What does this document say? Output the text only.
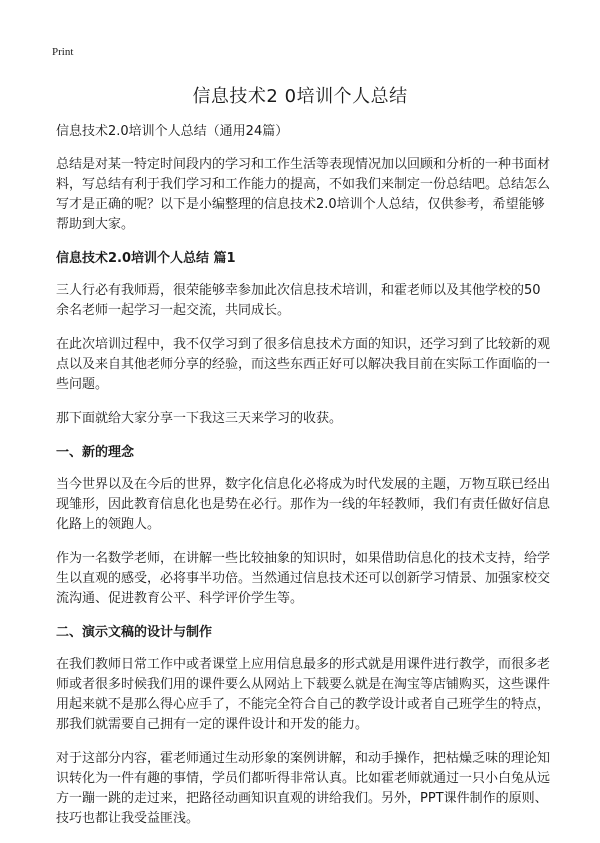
Print
信息技术2 0培训个人总结

信息技术2.0培训个人总结（通用24篇）

总结是对某一特定时间段内的学习和工作生活等表现情况加以回顾和分析的一种书面材料，写总结有利于我们学习和工作能力的提高，不如我们来制定一份总结吧。总结怎么写才是正确的呢？以下是小编整理的信息技术2.0培训个人总结，仅供参考，希望能够帮助到大家。

信息技术2.0培训个人总结 篇1

三人行必有我师焉，很荣能够幸参加此次信息技术培训，和霍老师以及其他学校的50余名老师一起学习一起交流，共同成长。

在此次培训过程中，我不仅学习到了很多信息技术方面的知识，还学习到了比较新的观点以及来自其他老师分享的经验，而这些东西正好可以解决我目前在实际工作面临的一些问题。

那下面就给大家分享一下我这三天来学习的收获。

一、新的理念

当今世界以及在今后的世界，数字化信息化必将成为时代发展的主题，万物互联已经出现雏形，因此教育信息化也是势在必行。那作为一线的年轻教师，我们有责任做好信息化路上的领跑人。

作为一名数学老师，在讲解一些比较抽象的知识时，如果借助信息化的技术支持，给学生以直观的感受，必将事半功倍。当然通过信息技术还可以创新学习情景、加强家校交流沟通、促进教育公平、科学评价学生等。

二、演示文稿的设计与制作

在我们教师日常工作中或者课堂上应用信息最多的形式就是用课件进行教学，而很多老师或者很多时候我们用的课件要么从网站上下载要么就是在淘宝等店铺购买，这些课件用起来就不是那么得心应手了，不能完全符合自己的教学设计或者自己班学生的特点，那我们就需要自己拥有一定的课件设计和开发的能力。

对于这部分内容，霍老师通过生动形象的案例讲解，和动手操作，把枯燥乏味的理论知识转化为一件有趣的事情，学员们都听得非常认真。比如霍老师就通过一只小白兔从远方一蹦一跳的走过来，把路径动画知识直观的讲给我们。另外，PPT课件制作的原则、技巧也都让我受益匪浅。
